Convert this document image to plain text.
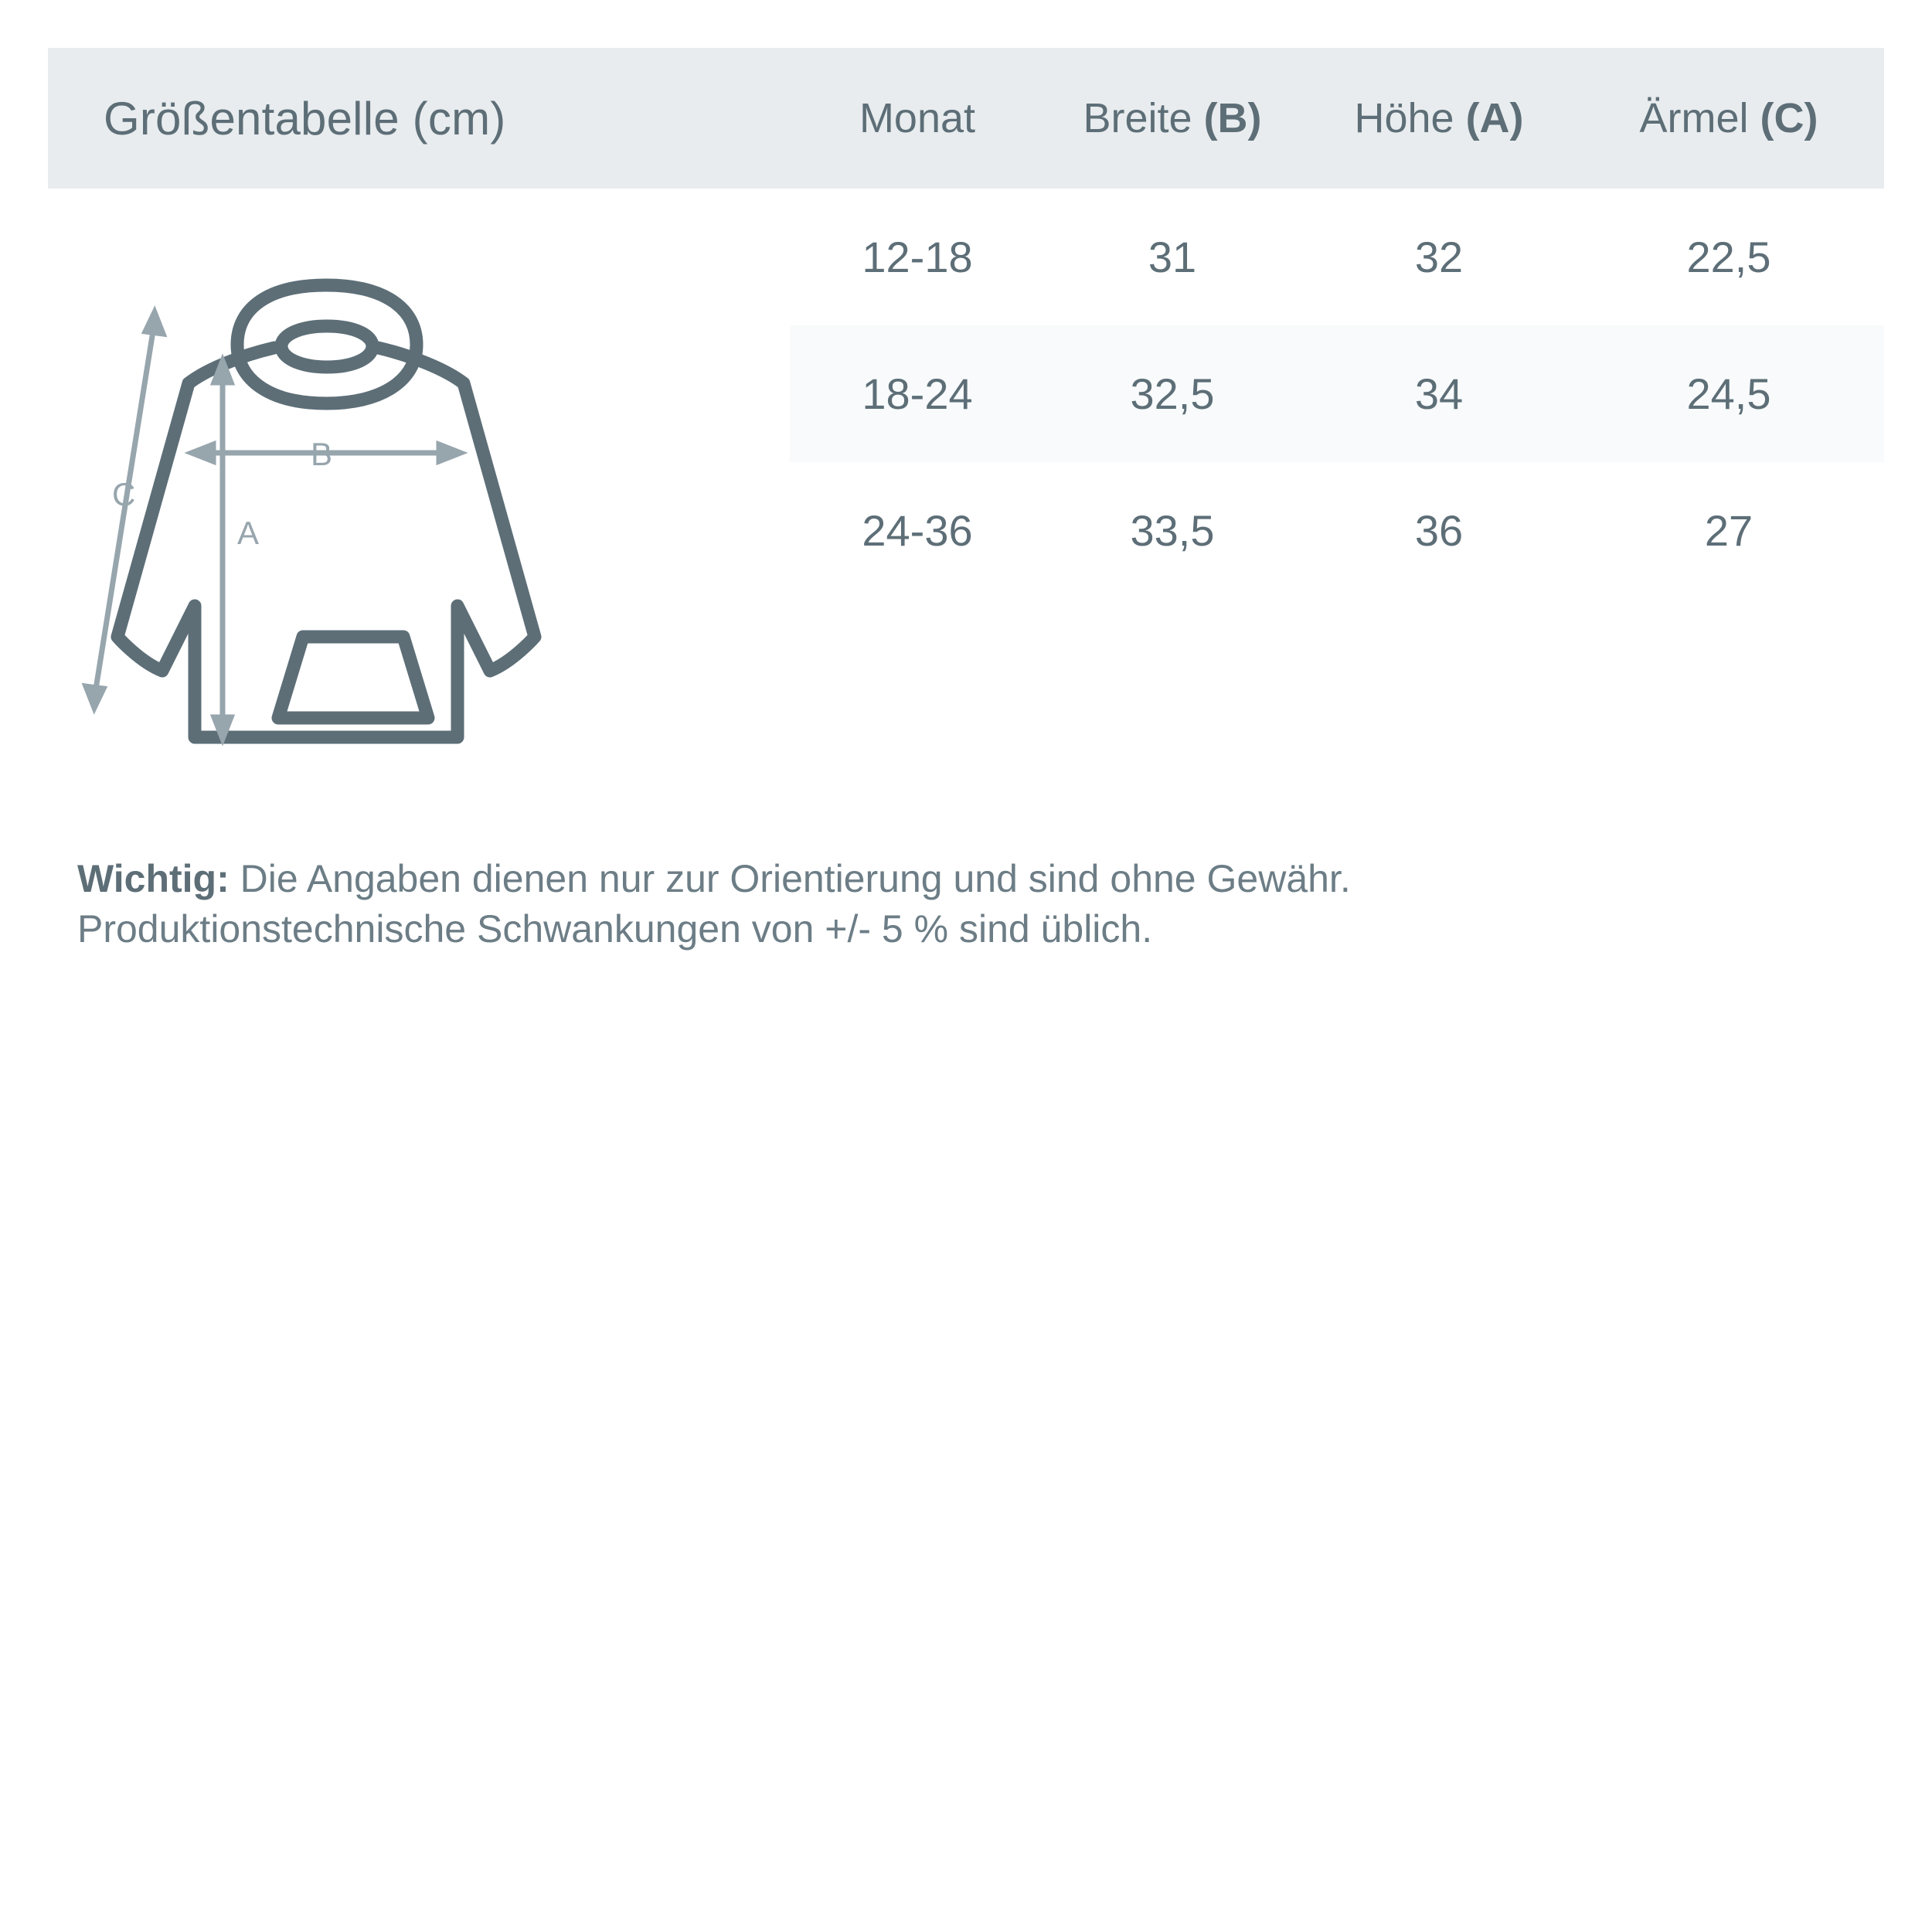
Größentabelle (cm)	Monat	Breite (B)	Höhe (A)	Ärmel (C)
C
B
A
12-18	31	32	22,5
18-24	32,5	34	24,5
24-36	33,5	36	27
Wichtig: Die Angaben dienen nur zur Orientierung und sind ohne Gewähr.
Produktionstechnische Schwankungen von +/- 5 % sind üblich.
